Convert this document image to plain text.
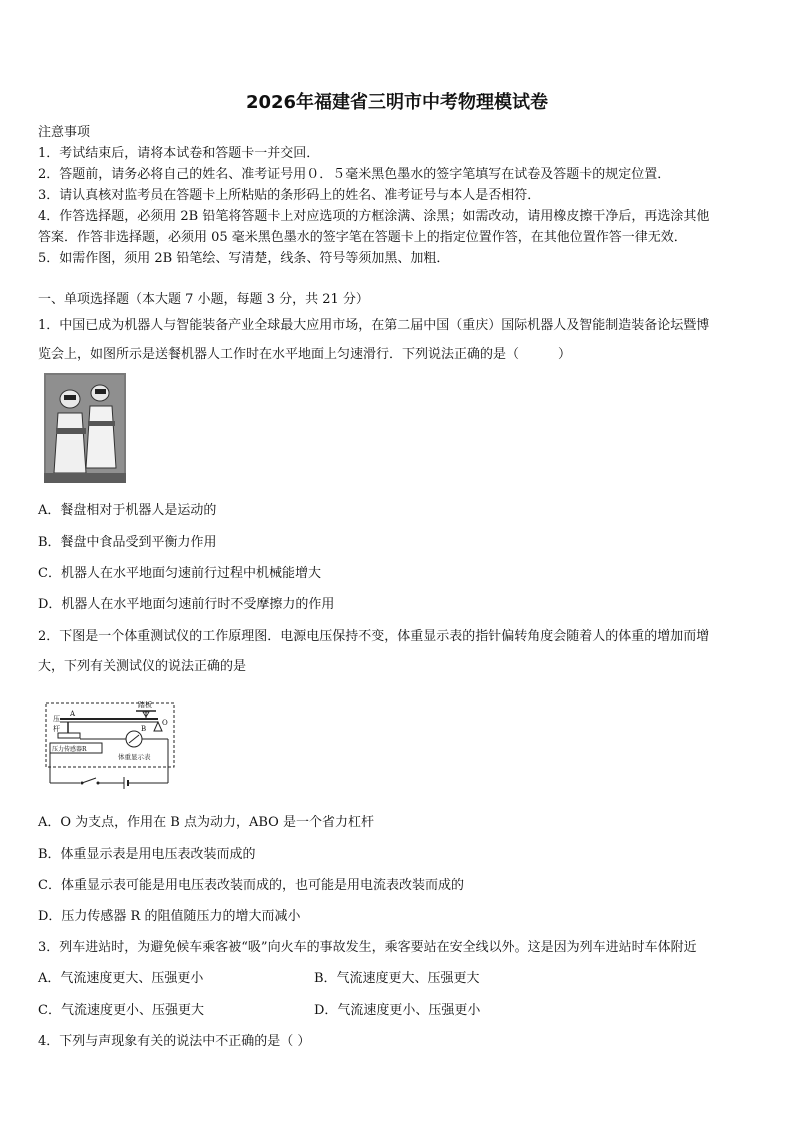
2026年福建省三明市中考物理模试卷
注意事项
1．考试结束后，请将本试卷和答题卡一并交回．
2．答题前，请务必将自己的姓名、准考证号用０．５毫米黑色墨水的签字笔填写在试卷及答题卡的规定位置．
3．请认真核对监考员在答题卡上所粘贴的条形码上的姓名、准考证号与本人是否相符．
4．作答选择题，必须用 2B 铅笔将答题卡上对应选项的方框涂满、涂黑；如需改动，请用橡皮擦干净后，再选涂其他
答案．作答非选择题，必须用 05 毫米黑色墨水的签字笔在答题卡上的指定位置作答，在其他位置作答一律无效．
5．如需作图，须用 2B 铅笔绘、写清楚，线条、符号等须加黑、加粗．
一、单项选择题（本大题 7 小题，每题 3 分，共 21 分）
1．中国已成为机器人与智能装备产业全球最大应用市场，在第二届中国（重庆）国际机器人及智能制造装备论坛暨博
览会上，如图所示是送餐机器人工作时在水平地面上匀速滑行．下列说法正确的是（　　　）
A．餐盘相对于机器人是运动的
B．餐盘中食品受到平衡力作用
C．机器人在水平地面匀速前行过程中机械能增大
D．机器人在水平地面匀速前行时不受摩擦力的作用
2．下图是一个体重测试仪的工作原理图．电源电压保持不变，体重显示表的指针偏转角度会随着人的体重的增加而增
大，下列有关测试仪的说法正确的是
踏板
A
O
B
压
杆
压力传感器R
体重显示表
A．O 为支点，作用在 B 点为动力，ABO 是一个省力杠杆
B．体重显示表是用电压表改装而成的
C．体重显示表可能是用电压表改装而成的，也可能是用电流表改装而成的
D．压力传感器 R 的阻值随压力的增大而减小
3．列车进站时，为避免候车乘客被“吸”向火车的事故发生，乘客要站在安全线以外。这是因为列车进站时车体附近
A．气流速度更大、压强更小	B．气流速度更大、压强更大
C．气流速度更小、压强更大	D．气流速度更小、压强更小
4．下列与声现象有关的说法中不正确的是（ ）
